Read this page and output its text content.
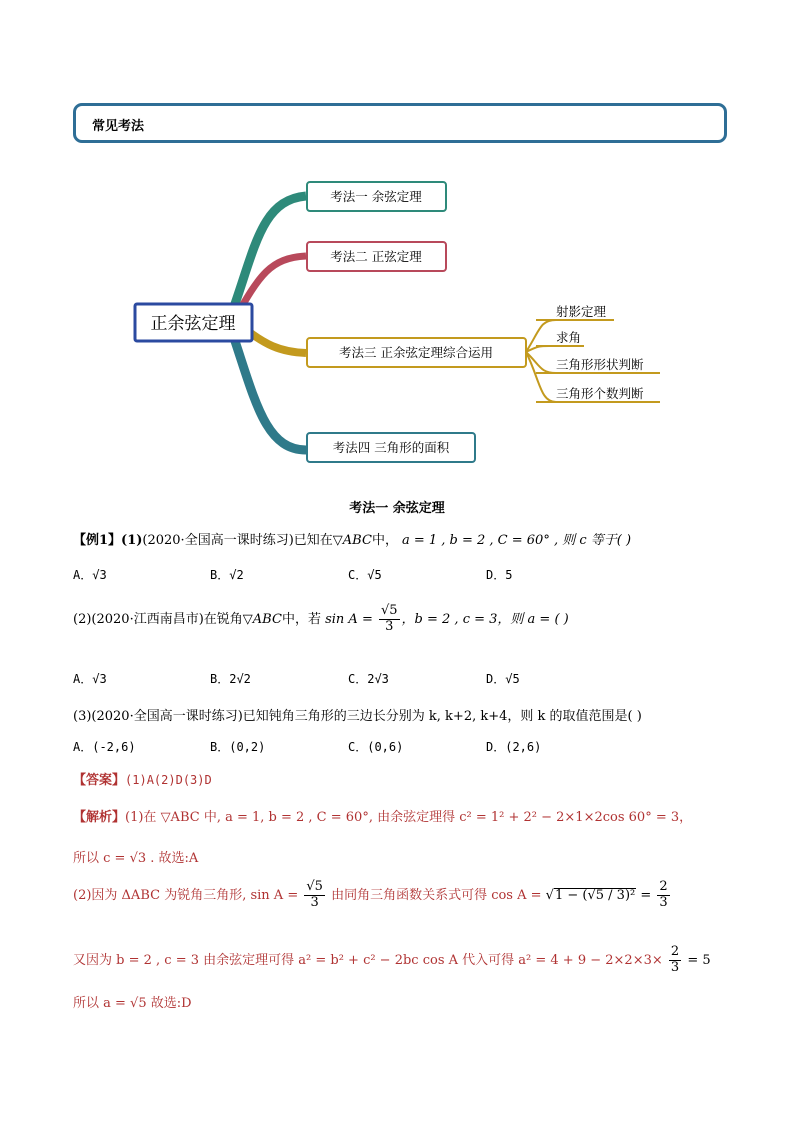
常见考法
正余弦定理
考法一 余弦定理
考法二 正弦定理
考法三 正余弦定理综合运用
考法四 三角形的面积
射影定理
求角
三角形形状判断
三角形个数判断
考法一 余弦定理
【例1】(1)(2020·全国高一课时练习)已知在▽ABC中， a = 1 , b = 2 , C = 60° , 则 c 等于( )
A．√3	B．√2	C．√5	D．5
(2)(2020·江西南昌市)在锐角▽ABC中，若 $\sin A = \frac{√5}{3}$ ，b = 2 , c = 3，则 a = ( )
A．√3	B．2√2	C．2√3	D．√5
(3)(2020·全国高一课时练习)已知钝角三角形的三边长分别为 k, k+2, k+4，则 k 的取值范围是( )
A．(-2,6)	B．(0,2)	C．(0,6)	D．(2,6)
【答案】(1)A(2)D(3)D
【解析】(1)在 ▽ABC 中, a = 1, b = 2 , C = 60°, 由余弦定理得 c² = 1² + 2² − 2×1×2cos 60° = 3，
所以 c = √3 . 故选:A
(2)因为 ΔABC 为锐角三角形, $\sin A = \frac{√5}{3}$ 由同角三角函数关系式可得 $\cos A = √1 - (√5 / 3)^2 = \frac{2}{3}$
又因为 b = 2 , c = 3 由余弦定理可得 a² = b² + c² − 2bc cos A 代入可得 $a^2 = 4 + 9 - 2\times 2\times 3\times \frac{2}{3} = 5$
所以 a = √5 故选:D
